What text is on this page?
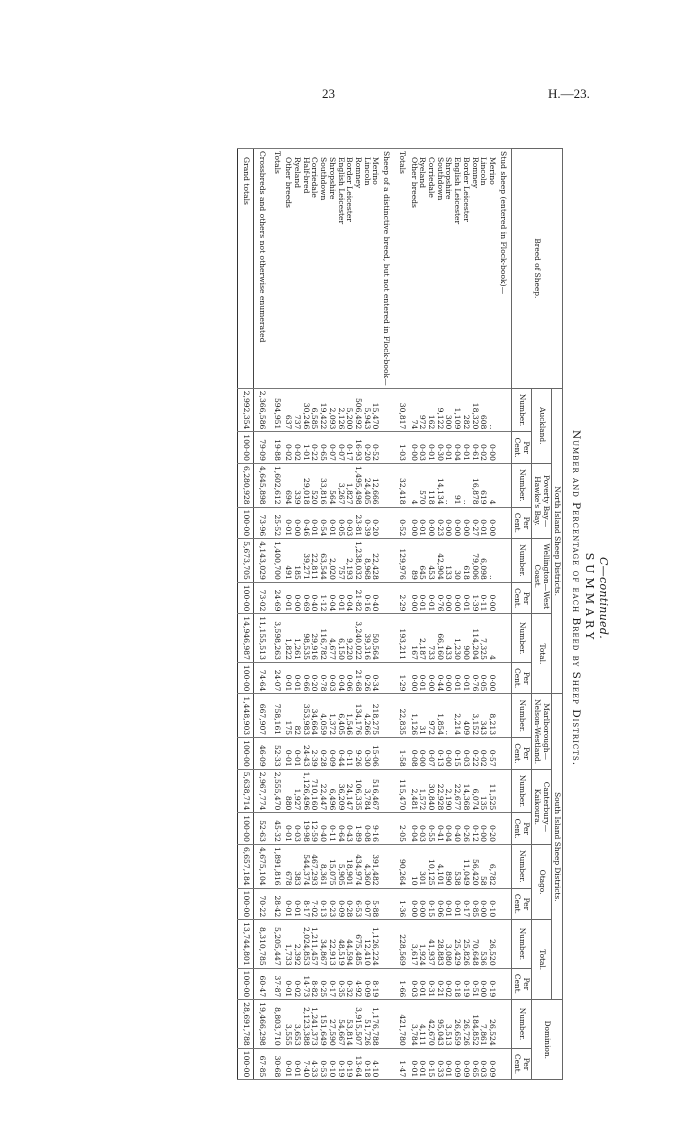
23	H.—23.
C—continued.
SUMMARY
Number and Percentage of each Breed by Sheep Districts.
Breed of Sheep.	North Island Sheep Districts.								South Island Sheep Districts.								Dominion.	
	Auckland.		Poverty Bay—Hawke's Bay.		Wellington—West Coast.		Total.		Marlborough—Nelson-Westland.		Canterbury—Kaikoura.		Otago.		Total.			
	Number.	Per Cent.	Number.	Per Cent.	Number.	Per Cent.	Number.	Per Cent.	Number.	Per Cent.	Number.	Per Cent.	Number.	Per Cent.	Number.	Per Cent.	Number.	Per Cent.
Stud sheep (entered in Flock-book)—																		
Merino	..	0·00	4	0·00	..	0·00	4	0·00	8,213	0·57	11,525	0·20	6,782	0·10	26,520	0·19	26,524	0·09
Lincoln	608	0·02	619	0·01	6,098	0·11	7,325	0·05	343	0·02	135	0·00	58	0·00	536	0·00	7,861	0·03
Romney	18,320	0·61	16,878	0·27	79,006	1·39	114,204	0·76	3,152	0·22	6,074	0·12	56,420	0·85	70,648	0·51	184,852	0·65
Border Leicester	282	0·01	..	0·00	618	0·01	900	0·01	409	0·03	14,368	0·26	11,049	0·17	25,826	0·19	26,726	0·09
English Leicester	1,109	0·04	91	0·00	30	0·00	1,230	0·01	2,214	0·15	22,677	0·40	538	0·01	25,429	0·18	26,659	0·09
Shropshire	300	0·01	..	0·00	133	0·00	433	0·00	..	0·00	2,190	0·04	890	0·01	3,080	0·02	3,513	0·01
Southdown	9,122	0·30	14,134	0·23	42,904	0·76	66,160	0·44	1,854	0·13	22,928	0·41	4,101	0·06	28,883	0·21	95,043	0·33
Corriedale	162	0·01	118	0·00	453	0·01	733	0·00	972	0·07	30,840	0·55	10,125	0·15	41,937	0·31	42,670	0·15
Ryeland	972	0·03	570	0·01	645	0·01	2,187	0·01	31	0·00	1,572	0·03	301	0·00	1,924	0·01	4,111	0·01
Other breeds	74	0·00	4	0·00	89	0·00	167	0·00	1,126	0·08	2,481	0·04	10	0·00	3,617	0·03	3,784	0·01
Totals	30,817	1·03	32,418	0·52	129,976	2·29	193,211	1·29	22,835	1·58	115,470	2·05	90,264	1·36	228,569	1·66	421,780	1·47
Sheep of a distinctive breed, but not entered in Flock-book—																		
Merino	15,470	0·52	12,666	0·20	22,428	0·40	50,564	0·34	218,275	15·06	516,467	9·16	391,482	5·88	1,126,224	8·19	1,176,788	4·10
Lincoln	5,943	0·20	24,405	0·39	8,968	0·16	39,316	0·26	4,266	0·30	3,784	0·08	4,360	0·07	12,410	0·09	51,726	0·18
Romney	506,492	16·93	1,495,498	23·81	1,238,032	21·82	3,240,022	21·68	134,176	9·26	106,335	1·89	434,974	6·53	675,485	4·92	3,915,507	13·64
Border Leicester	5,200	0·17	1,827	0·03	2,193	0·04	9,220	0·06	1,546	0·11	24,147	0·43	18,901	0·28	44,594	0·32	53,814	0·19
English Leicester	2,126	0·07	3,267	0·05	757	0·01	6,150	0·04	6,405	0·44	36,209	0·64	5,905	0·09	48,519	0·35	54,667	0·19
Shropshire	2,093	0·07	564	0·01	2,020	0·04	4,677	0·03	1,372	0·09	6,496	0·11	15,075	0·23	22,913	0·17	27,590	0·10
Southdown	19,422	0·65	33,816	0·54	63,544	1·12	116,782	0·78	4,059	0·28	22,447	0·40	8,361	0·13	34,867	0·25	151,649	0·53
Corriedale	6,585	0·22	520	0·01	22,811	0·40	29,916	0·20	34,664	2·39	710,160	12·59	467,293	7·02	1,211,457	8·82	1,241,373	4·33
Half-bred	30,246	1·01	29,018	0·46	39,271	0·69	98,535	0·66	353,983	24·43	1,126,496	19·98	544,374	8·17	2,024,853	14·73	2,123,388	7·40
Ryeland	737	0·02	339	0·00	185	0·00	1,261	0·01	82	0·01	1,927	0·03	383	0·01	2,392	0·02	3,653	0·01
Other breeds	637	0·02	694	0·01	491	0·01	1,822	0·01	175	0·01	880	0·01	678	0·01	1,733	0·01	3,555	0·01
Totals	594,951	19·88	1,602,612	25·52	1,400,700	24·69	3,598,263	24·07	758,161	52·33	2,555,470	45·32	1,891,816	28·42	5,205,447	37·87	8,803,710	30·68
Crossbreds and others not otherwise enumerated	2,366,586	79·09	4,645,898	73·96	4,143,029	73·02	11,155,513	74·64	667,907	46·09	2,967,774	52·63	4,675,104	70·22	8,310,785	60·47	19,466,298	67·85
Grand totals	2,992,354	100·00	6,280,928	100·00	5,673,705	100·00	14,946,987	100·00	1,448,903	100·00	5,638,714	100·00	6,657,184	100·00	13,744,801	100·00	28,691,788	100·00
